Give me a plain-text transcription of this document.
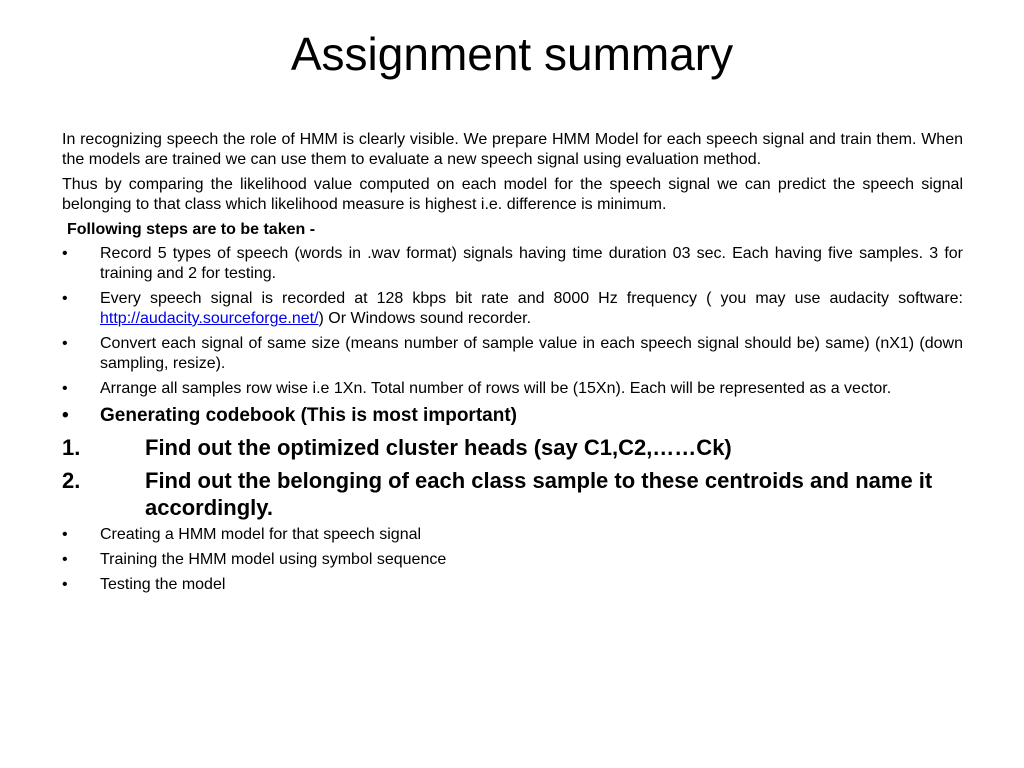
Assignment summary

In recognizing speech the role of HMM is clearly visible. We prepare HMM Model for each speech signal and train them. When the models are trained we can use them to evaluate a new speech signal using evaluation method.

Thus by comparing the likelihood value computed on each model for the speech signal we can predict the speech signal belonging to that class which likelihood measure is highest i.e. difference is minimum.

Following steps are to be taken -
• Record 5 types of speech (words in .wav format) signals having time duration 03 sec. Each having five samples. 3 for training and 2 for testing.
• Every speech signal is recorded at 128 kbps bit rate and 8000 Hz frequency ( you may use audacity software: http://audacity.sourceforge.net/) Or Windows sound recorder.
• Convert each signal of same size (means number of sample value in each speech signal should be) same) (nX1) (down sampling, resize).
• Arrange all samples row wise i.e 1Xn. Total number of rows will be (15Xn). Each will be represented as a vector.
• Generating codebook (This is most important)
1.	Find out the optimized cluster heads (say C1,C2,……Ck)
2.	Find out the belonging of each class sample to these centroids and name it accordingly.
• Creating a HMM model for that speech signal
• Training the HMM model using symbol sequence
• Testing the model
